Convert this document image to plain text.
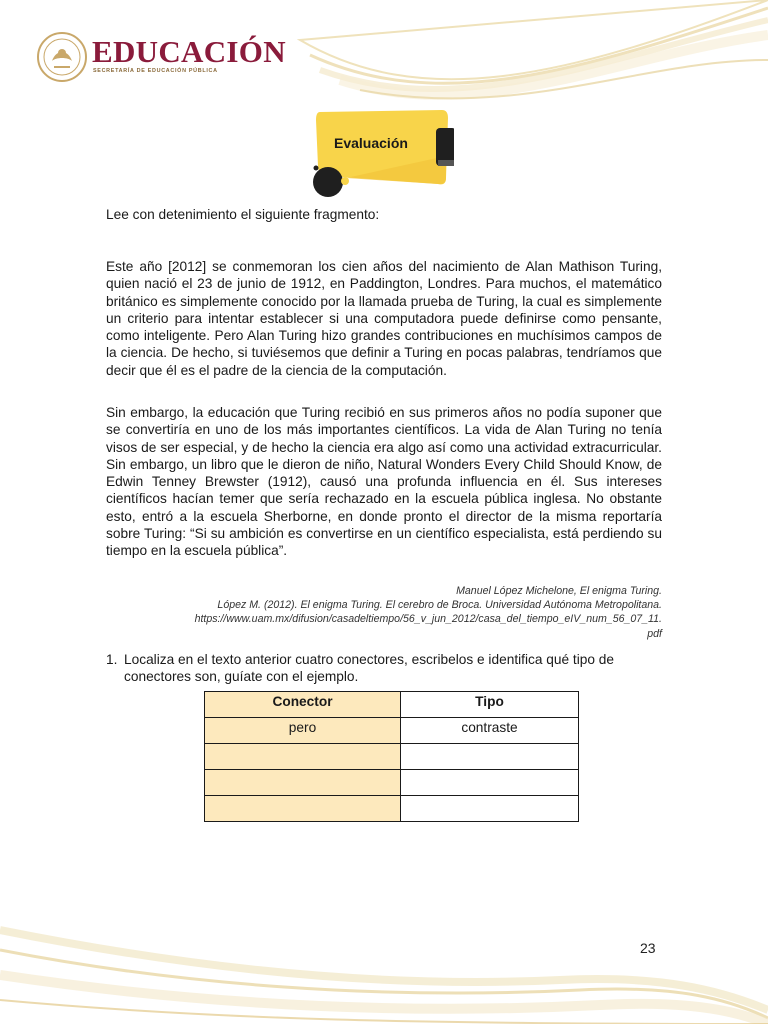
EDUCACIÓN
SECRETARÍA DE EDUCACIÓN PÚBLICA
Evaluación
Lee con detenimiento el siguiente fragmento:

Este año [2012] se conmemoran los cien años del nacimiento de Alan Mathison Turing, quien nació el 23 de junio de 1912, en Paddington, Londres. Para muchos, el matemático británico es simplemente conocido por la llamada prueba de Turing, la cual es simplemente un criterio para intentar establecer si una computadora puede definirse como pensante, como inteligente. Pero Alan Turing hizo grandes contribuciones en muchísimos campos de la ciencia. De hecho, si tuviésemos que definir a Turing en pocas palabras, tendríamos que decir que él es el padre de la ciencia de la computación.

Sin embargo, la educación que Turing recibió en sus primeros años no podía suponer que se convertiría en uno de los más importantes científicos. La vida de Alan Turing no tenía visos de ser especial, y de hecho la ciencia era algo así como una actividad extracurricular. Sin embargo, un libro que le dieron de niño, Natural Wonders Every Child Should Know, de Edwin Tenney Brewster (1912), causó una profunda influencia en él. Sus intereses científicos hacían temer que sería rechazado en la escuela pública inglesa. No obstante esto, entró a la escuela Sherborne, en donde pronto el director de la misma reportaría sobre Turing: “Si su ambición es convertirse en un científico especialista, está perdiendo su tiempo en la escuela pública”.

Manuel López Michelone, El enigma Turing.
López M. (2012). El enigma Turing. El cerebro de Broca. Universidad Autónoma Metropolitana.
https://www.uam.mx/difusion/casadeltiempo/56_v_jun_2012/casa_del_tiempo_eIV_num_56_07_11.
pdf
1. Localiza en el texto anterior cuatro conectores, escribelos e identifica qué tipo de conectores son, guíate con el ejemplo.
Conector	Tipo

pero	contraste

23
